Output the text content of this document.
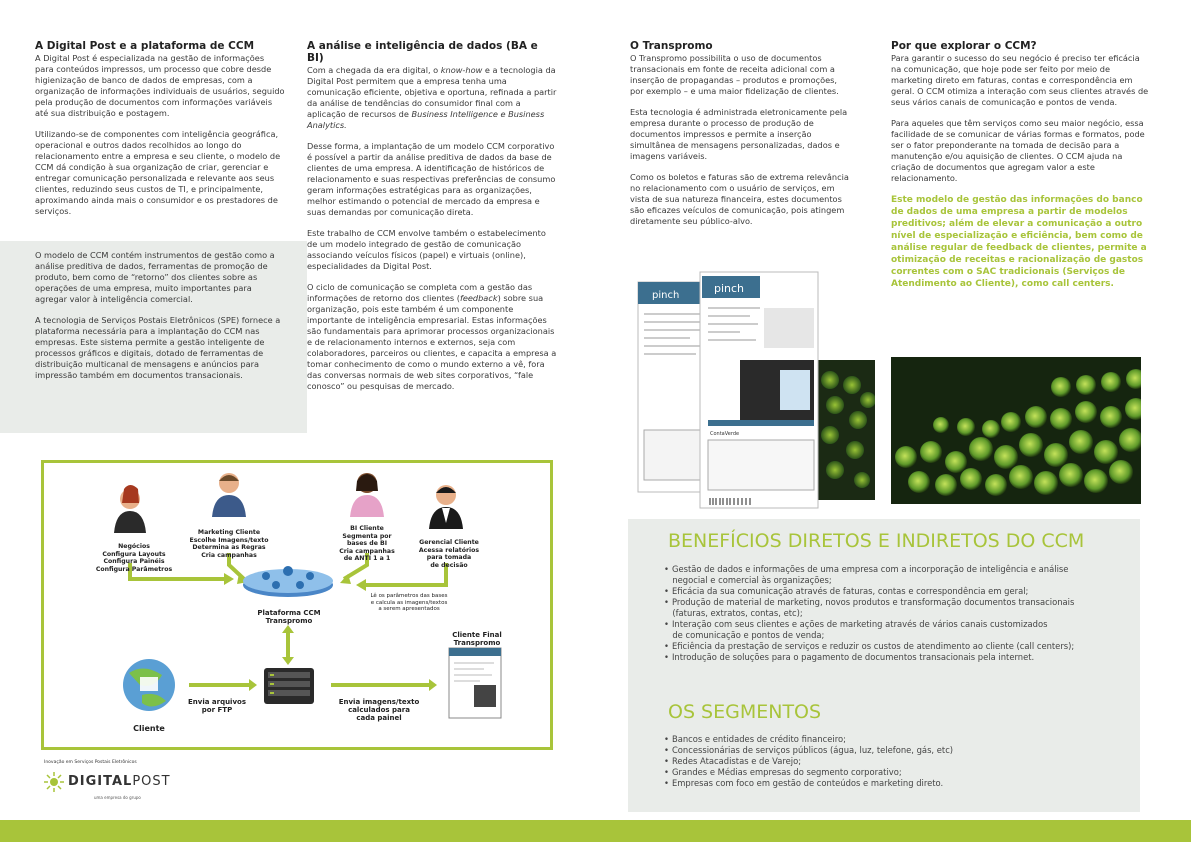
A Digital Post e a plataforma de CCM

A Digital Post é especializada na gestão de informações para conteúdos impressos, um processo que cobre desde higienização de banco de dados de empresas, com a organização de informações individuais de usuários, seguido pela produção de documentos com informações variáveis até sua distribuição e postagem.

Utilizando-se de componentes com inteligência geográfica, operacional e outros dados recolhidos ao longo do relacionamento entre a empresa e seu cliente, o modelo de CCM dá condição à sua organização de criar, gerenciar e entregar comunicação personalizada e relevante aos seus clientes, reduzindo seus custos de TI, e principalmente, aproximando ainda mais o consumidor e os prestadores de serviços.

O modelo de CCM contém instrumentos de gestão como a análise preditiva de dados, ferramentas de promoção de produto, bem como de “retorno” dos clientes sobre as operações de uma empresa, muito importantes para agregar valor à inteligência comercial.

A tecnologia de Serviços Postais Eletrônicos (SPE) fornece a plataforma necessária para a implantação do CCM nas empresas. Este sistema permite a gestão inteligente de processos gráficos e digitais, dotado de ferramentas de distribuição multicanal de mensagens e anúncios para impressão também em documentos transacionais.

A análise e inteligência de dados (BA e BI)

Com a chegada da era digital, o know-how e a tecnologia da Digital Post permitem que a empresa tenha uma comunicação eficiente, objetiva e oportuna, refinada a partir da análise de tendências do consumidor final com a aplicação de recursos de Business Intelligence e Business Analytics.

Desse forma, a implantação de um modelo CCM corporativo é possível a partir da análise preditiva de dados da base de clientes de uma empresa. A identificação de históricos de relacionamento e suas respectivas preferências de consumo geram informações estratégicas para as organizações, melhor estimando o potencial de mercado da empresa e suas demandas por comunicação direta.

Este trabalho de CCM envolve também o estabelecimento de um modelo integrado de gestão de comunicação associando veículos físicos (papel) e virtuais (online), especialidades da Digital Post.

O ciclo de comunicação se completa com a gestão das informações de retorno dos clientes (feedback) sobre sua organização, pois este também é um componente importante de inteligência empresarial. Estas informações são fundamentais para aprimorar processos organizacionais e de relacionamento internos e externos, seja com colaboradores, parceiros ou clientes, e capacita a empresa a tomar conhecimento de como o mundo externo a vê, fora das conversas normais de web sites corporativos, “fale conosco” ou pesquisas de mercado.

O Transpromo

O Transpromo possibilita o uso de documentos transacionais em fonte de receita adicional com a inserção de propagandas – produtos e promoções, por exemplo – e uma maior fidelização de clientes.

Esta tecnologia é administrada eletronicamente pela empresa durante o processo de produção de documentos impressos e permite a inserção simultânea de mensagens personalizadas, dados e imagens variáveis.

Como os boletos e faturas são de extrema relevância no relacionamento com o usuário de serviços, em vista de sua natureza financeira, estes documentos são eficazes veículos de comunicação, pois atingem diretamente seu público-alvo.

Por que explorar o CCM?

Para garantir o sucesso do seu negócio é preciso ter eficácia na comunicação, que hoje pode ser feito por meio de marketing direto em faturas, contas e correspondência em geral. O CCM otimiza a interação com seus clientes através de seus vários canais de comunicação e pontos de venda.

Para aqueles que têm serviços como seu maior negócio, essa facilidade de se comunicar de várias formas e formatos, pode ser o fator preponderante na tomada de decisão para a manutenção e/ou aquisição de clientes. O CCM ajuda na criação de documentos que agregam valor a este relacionamento.

Este modelo de gestão das informações do banco de dados de uma empresa a partir de modelos preditivos; além de elevar a comunicação a outro nível de especialização e eficiência, bem como de análise regular de feedback de clientes, permite a otimização de receitas e racionalização de gastos correntes com o SAC tradicionais (Serviços de Atendimento ao Cliente), como call centers.
pinch
pinch
ContaVerde
Negócios
Configura Layouts
Configura Painéis
Configura Parâmetros
Marketing Cliente
Escolhe Imagens/texto
Determina as Regras
Cria campanhas
BI Cliente
Segmenta por
bases de BI
Cria campanhas
de ANTI 1 a 1
Gerencial Cliente
Acessa relatórios
para tomada
de decisão
Plataforma CCM
Transpromo
Lê os parâmetros das bases
e calcula as imagens/textos
a serem apresentados
Cliente
Envia arquivos
por FTP
Envia imagens/texto
calculados para
cada painel
Cliente Final
Transpromo
Inovação em Serviços Postais Eletrônicos
DIGITALPOST
uma empresa do grupo
BENEFÍCIOS DIRETOS E INDIRETOS DO CCM
• Gestão de dados e informações de uma empresa com a incorporação de inteligência e análise
negocial e comercial às organizações;
• Eficácia da sua comunicação através de faturas, contas e correspondência em geral;
• Produção de material de marketing, novos produtos e transformação documentos transacionais
(faturas, extratos, contas, etc);
• Interação com seus clientes e ações de marketing através de vários canais customizados
de comunicação e pontos de venda;
• Eficiência da prestação de serviços e reduzir os custos de atendimento ao cliente (call centers);
• Introdução de soluções para o pagamento de documentos transacionais pela internet.
OS SEGMENTOS
• Bancos e entidades de crédito financeiro;
• Concessionárias de serviços públicos (água, luz, telefone, gás, etc)
• Redes Atacadistas e de Varejo;
• Grandes e Médias empresas do segmento corporativo;
• Empresas com foco em gestão de conteúdos e marketing direto.
